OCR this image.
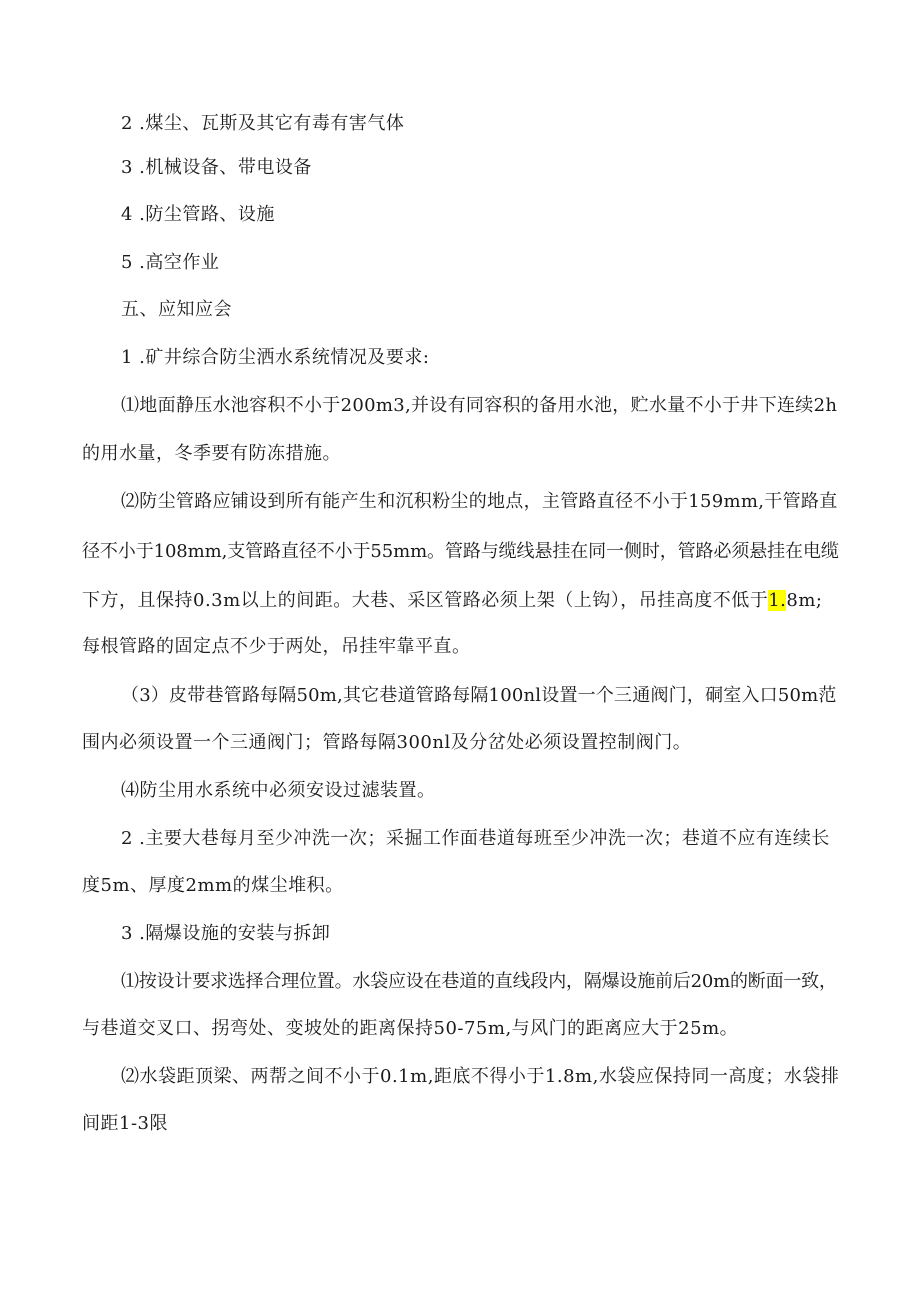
2 .煤尘、瓦斯及其它有毒有害气体
3 .机械设备、带电设备
4 .防尘管路、设施
5 .高空作业
五、应知应会
1 .矿井综合防尘洒水系统情况及要求:
⑴地面静压水池容积不小于200m3,并设有同容积的备用水池，贮水量不小于井下连续2h
的用水量，冬季要有防冻措施。
⑵防尘管路应铺设到所有能产生和沉积粉尘的地点，主管路直径不小于159mm,干管路直
径不小于108mm,支管路直径不小于55mm。管路与缆线悬挂在同一侧时，管路必须悬挂在电缆
下方，且保持0.3m以上的间距。大巷、采区管路必须上架（上钩），吊挂高度不低于1.8m;
每根管路的固定点不少于两处，吊挂牢靠平直。
（3）皮带巷管路每隔50m,其它巷道管路每隔100nl设置一个三通阀门，硐室入口50m范
围内必须设置一个三通阀门；管路每隔300nl及分岔处必须设置控制阀门。
⑷防尘用水系统中必须安设过滤装置。
2 .主要大巷每月至少冲洗一次；采掘工作面巷道每班至少冲洗一次；巷道不应有连续长
度5m、厚度2mm的煤尘堆积。
3 .隔爆设施的安装与拆卸
⑴按设计要求选择合理位置。水袋应设在巷道的直线段内，隔爆设施前后20m的断面一致，
与巷道交叉口、拐弯处、变坡处的距离保持50-75m,与风门的距离应大于25m。
⑵水袋距顶梁、两帮之间不小于0.1m,距底不得小于1.8m,水袋应保持同一高度；水袋排
间距1-3限
